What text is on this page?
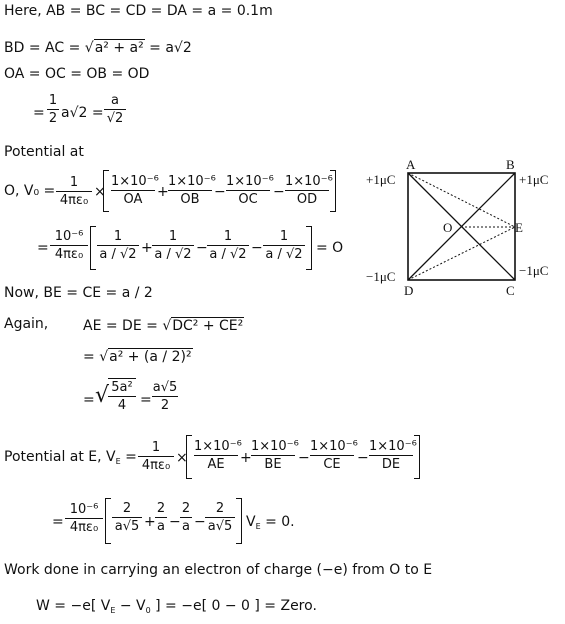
Here, AB = BC = CD = DA = a = 0.1m
BD = AC = √a² + a² = a√2
OA = OC = OB = OD
=
1
2 a√2 =
a
√2
Potential at
O, V₀ =
1
4πε₀
×
1×10⁻⁶
OA	+
1×10⁻⁶
OB	−
1×10⁻⁶
OC	−
1×10⁻⁶
OD
=
10⁻⁶
4πε₀
1
a / √2 +
1
a / √2 −
1
a / √2 −
1
a / √2 = O
A	B
C
D
O	E
+1μC	+1μC
−1μC	−1μC
Now, BE = CE = a / 2
Again, AE = DE = √DC² + CE²
= √a² + (a / 2)²
= √ 5a²
4 =
a√5
2
Potential at E, $V_E$ =
1
4πε₀ ×
1×10⁻⁶
AE	+
1×10⁻⁶
BE	−
1×10⁻⁶
CE	−
1×10⁻⁶
DE
=
10⁻⁶
4πε₀
2
a√5 +
2
a −
2
a −
2
a√5 $V_E = 0$.
Work done in carrying an electron of charge (−e) from O to E
W = −e[ $V_E - V_0$ ] = −e[ 0 − 0 ] = Zero.
